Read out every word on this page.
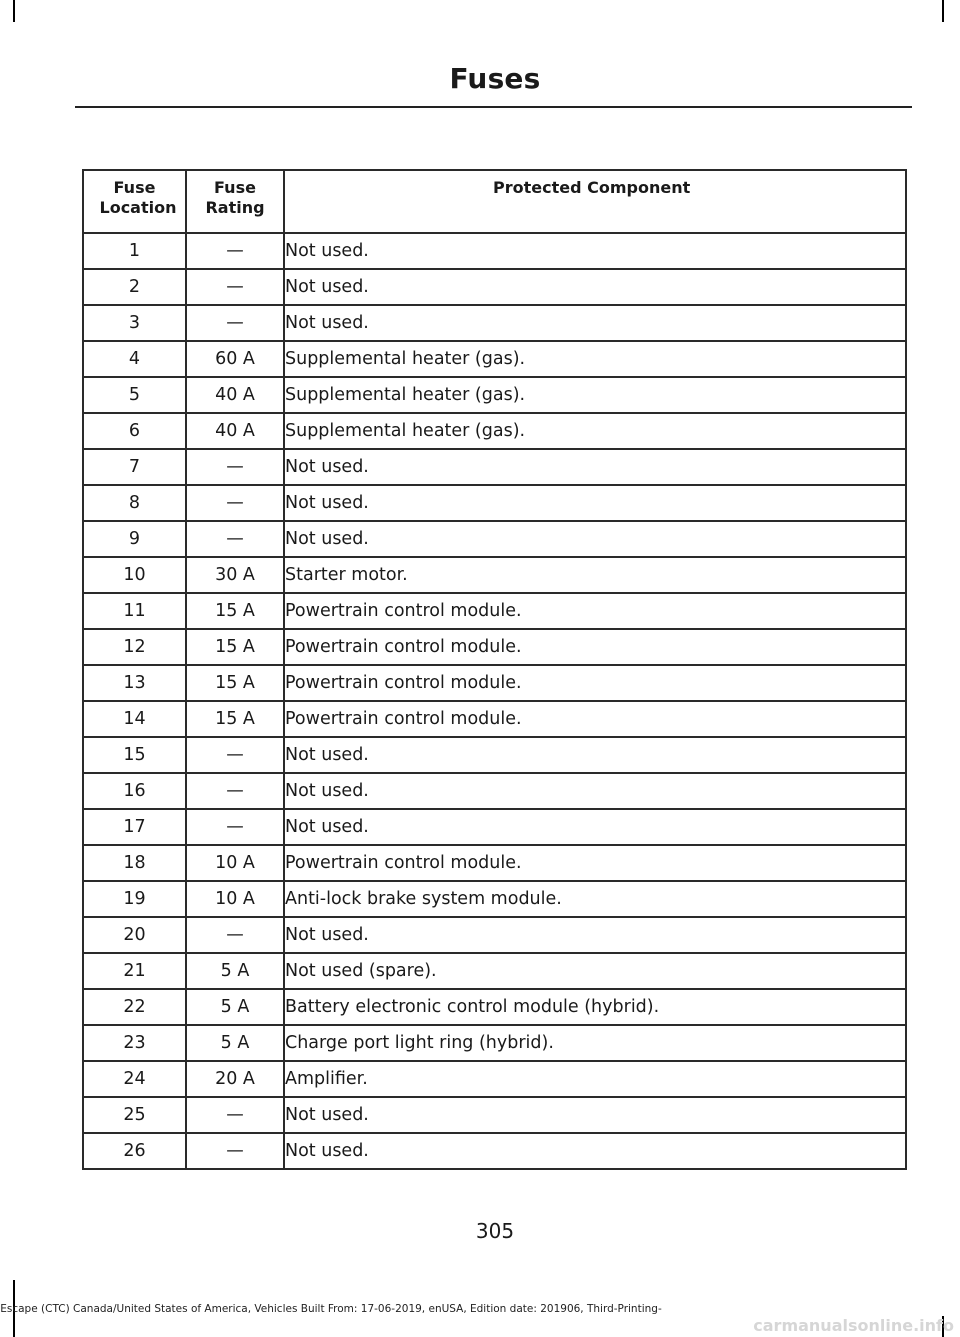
Fuses
Fuse Location	Fuse Rating	Protected Component
1	—	Not used.
2	—	Not used.
3	—	Not used.
4	60 A	Supplemental heater (gas).
5	40 A	Supplemental heater (gas).
6	40 A	Supplemental heater (gas).
7	—	Not used.
8	—	Not used.
9	—	Not used.
10	30 A	Starter motor.
11	15 A	Powertrain control module.
12	15 A	Powertrain control module.
13	15 A	Powertrain control module.
14	15 A	Powertrain control module.
15	—	Not used.
16	—	Not used.
17	—	Not used.
18	10 A	Powertrain control module.
19	10 A	Anti-lock brake system module.
20	—	Not used.
21	5 A	Not used (spare).
22	5 A	Battery electronic control module (hybrid).
23	5 A	Charge port light ring (hybrid).
24	20 A	Amplifier.
25	—	Not used.
26	—	Not used.
305
Escape (CTC) Canada/United States of America, Vehicles Built From: 17-06-2019, enUSA, Edition date: 201906, Third-Printing-
carmanualsonline.info
